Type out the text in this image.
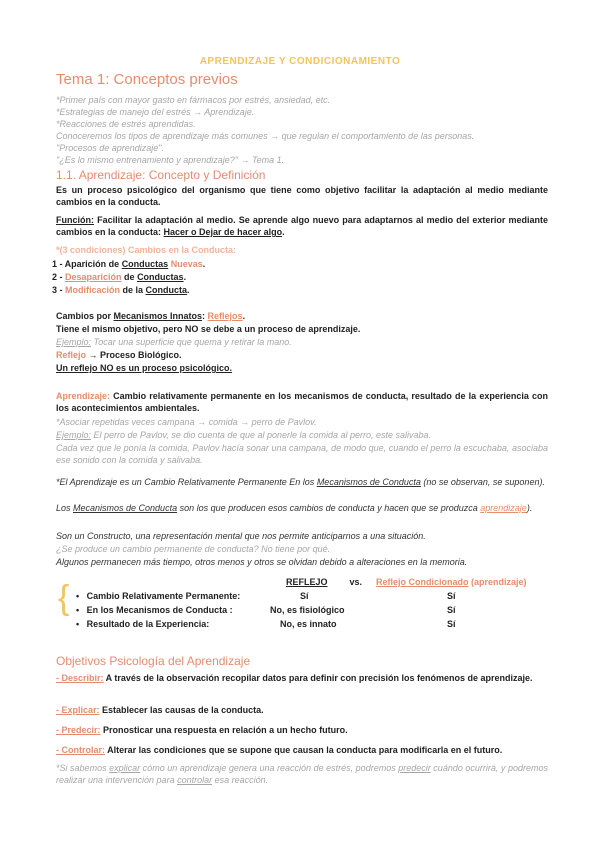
APRENDIZAJE Y CONDICIONAMIENTO
Tema 1: Conceptos previos
*Primer país con mayor gasto en fármacos por estrés, ansiedad, etc.
*Estrategias de manejo del estrés → Aprendizaje.
*Reacciones de estrés aprendidas.
Conoceremos los tipos de aprendizaje más comunes → que regulan el comportamiento de las personas.
"Procesos de aprendizaje".
"¿Es lo mismo entrenamiento y aprendizaje?" → Tema 1.
1.1. Aprendizaje: Concepto y Definición
Es un proceso psicológico del organismo que tiene como objetivo facilitar la adaptación al medio mediante cambios en la conducta.
Función: Facilitar la adaptación al medio. Se aprende algo nuevo para adaptarnos al medio del exterior mediante cambios en la conducta: Hacer o Dejar de hacer algo.
*(3 condiciones) Cambios en la Conducta:
1 - Aparición de Conductas Nuevas.
2 - Desaparición de Conductas.
3 - Modificación de la Conducta.
Cambios por Mecanismos Innatos: Reflejos.
Tiene el mismo objetivo, pero NO se debe a un proceso de aprendizaje.
Ejemplo: Tocar una superficie que quema y retirar la mano.
Reflejo → Proceso Biológico.
Un reflejo NO es un proceso psicológico.
Aprendizaje: Cambio relativamente permanente en los mecanismos de conducta, resultado de la experiencia con los acontecimientos ambientales.
*Asociar repetidas veces campana → comida → perro de Pavlov.
Ejemplo: El perro de Pavlov, se dio cuenta de que al ponerle la comida al perro, este salivaba.
Cada vez que le ponía la comida, Pavlov hacía sonar una campana, de modo que, cuando el perro la escuchaba, asociaba ese sonido con la comida y salivaba.
*El Aprendizaje es un Cambio Relativamente Permanente En los Mecanismos de Conducta (no se observan, se suponen).
Los Mecanismos de Conducta son los que producen esos cambios de conducta y hacen que se produzca aprendizaje).
Son un Constructo, una representación mental que nos permite anticiparnos a una situación.
¿Se produce un cambio permanente de conducta? No tiene por qué.
Algunos permanecen más tiempo, otros menos y otros se olvidan debido a alteraciones en la memoria.
REFLEJO vs. Reflejo Condicionado (aprendizaje)
{ •   Cambio Relativamente Permanente:	Sí	Sí
•   En los Mecanismos de Conducta :	No, es fisiológico	Sí
•   Resultado de la Experiencia:	No, es innato	Sí
Objetivos Psicología del Aprendizaje
- Describir: A través de la observación recopilar datos para definir con precisión los fenómenos de aprendizaje.
- Explicar: Establecer las causas de la conducta.
- Predecir: Pronosticar una respuesta en relación a un hecho futuro.
- Controlar: Alterar las condiciones que se supone que causan la conducta para modificarla en el futuro.
*Si sabemos explicar cómo un aprendizaje genera una reacción de estrés, podremos predecir cuándo ocurrirá, y podremos realizar una intervención para controlar esa reacción.
